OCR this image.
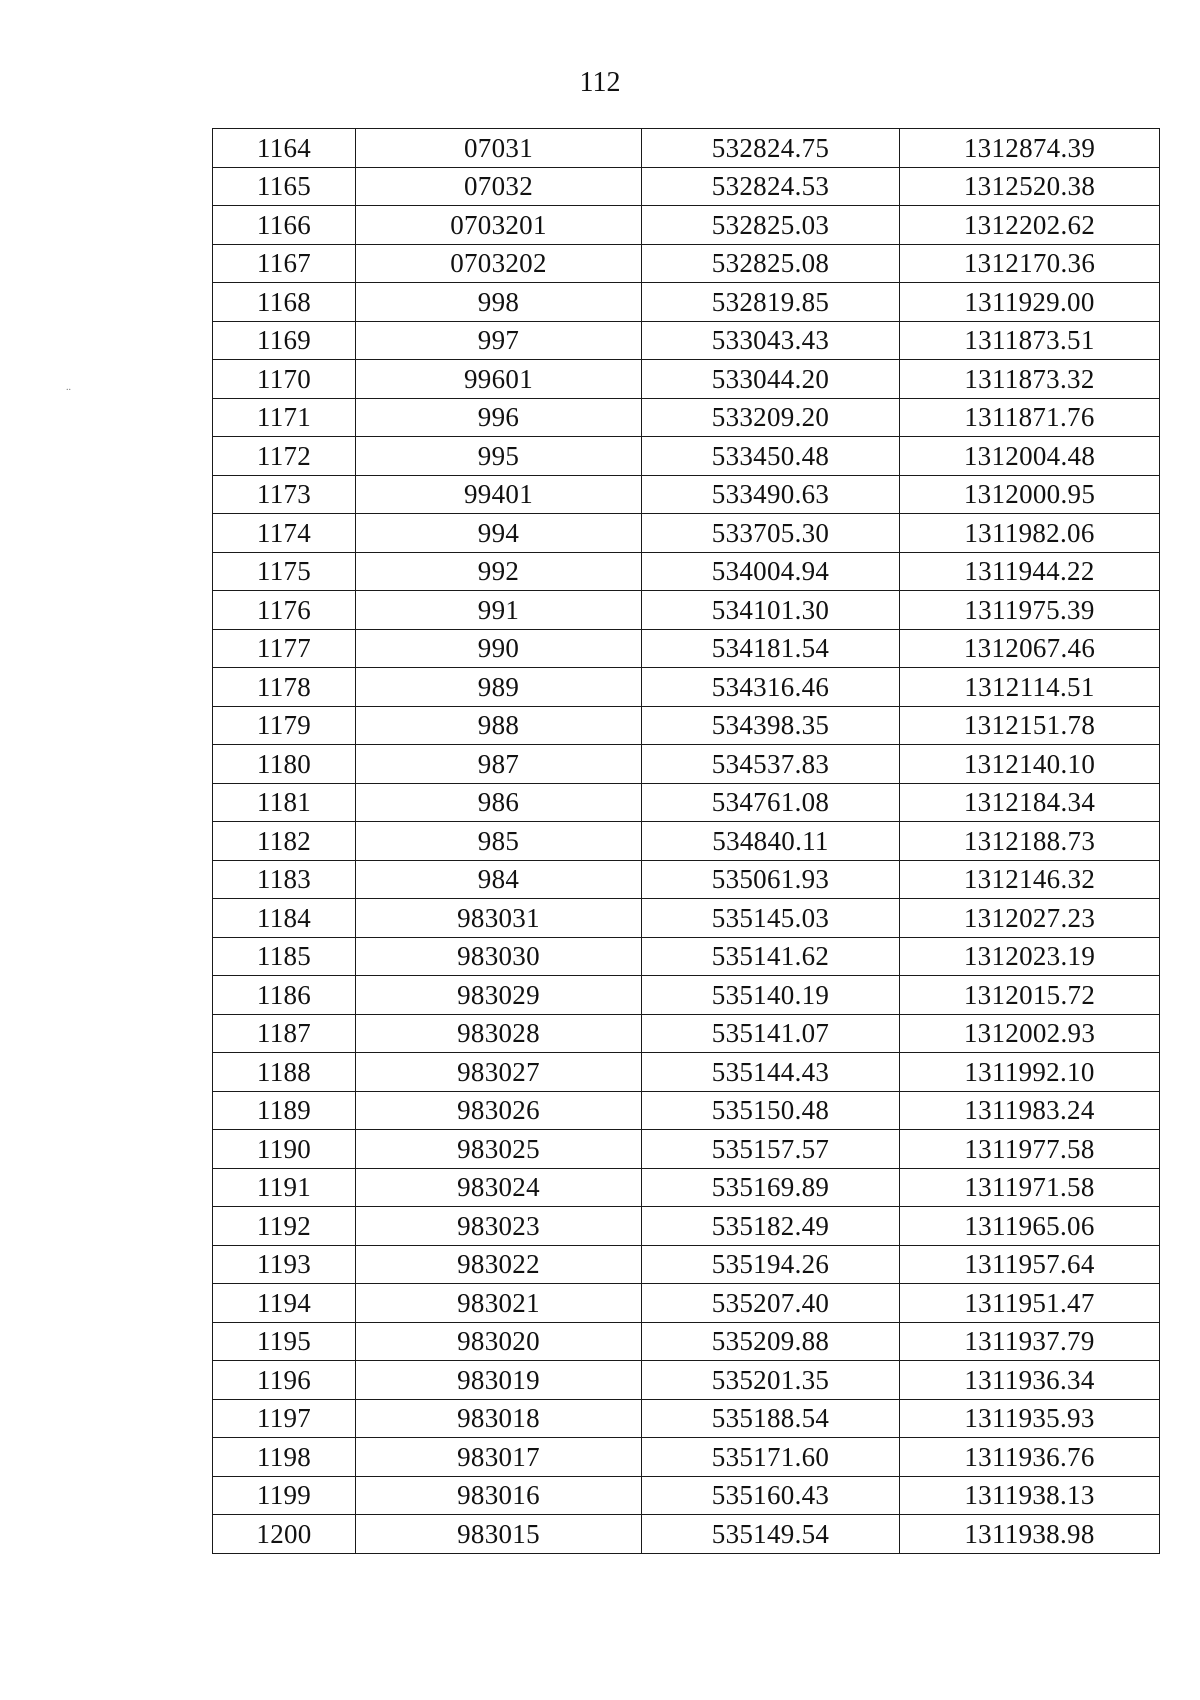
112
..
1164	07031	532824.75	1312874.39
1165	07032	532824.53	1312520.38
1166	0703201	532825.03	1312202.62
1167	0703202	532825.08	1312170.36
1168	998	532819.85	1311929.00
1169	997	533043.43	1311873.51
1170	99601	533044.20	1311873.32
1171	996	533209.20	1311871.76
1172	995	533450.48	1312004.48
1173	99401	533490.63	1312000.95
1174	994	533705.30	1311982.06
1175	992	534004.94	1311944.22
1176	991	534101.30	1311975.39
1177	990	534181.54	1312067.46
1178	989	534316.46	1312114.51
1179	988	534398.35	1312151.78
1180	987	534537.83	1312140.10
1181	986	534761.08	1312184.34
1182	985	534840.11	1312188.73
1183	984	535061.93	1312146.32
1184	983031	535145.03	1312027.23
1185	983030	535141.62	1312023.19
1186	983029	535140.19	1312015.72
1187	983028	535141.07	1312002.93
1188	983027	535144.43	1311992.10
1189	983026	535150.48	1311983.24
1190	983025	535157.57	1311977.58
1191	983024	535169.89	1311971.58
1192	983023	535182.49	1311965.06
1193	983022	535194.26	1311957.64
1194	983021	535207.40	1311951.47
1195	983020	535209.88	1311937.79
1196	983019	535201.35	1311936.34
1197	983018	535188.54	1311935.93
1198	983017	535171.60	1311936.76
1199	983016	535160.43	1311938.13
1200	983015	535149.54	1311938.98
